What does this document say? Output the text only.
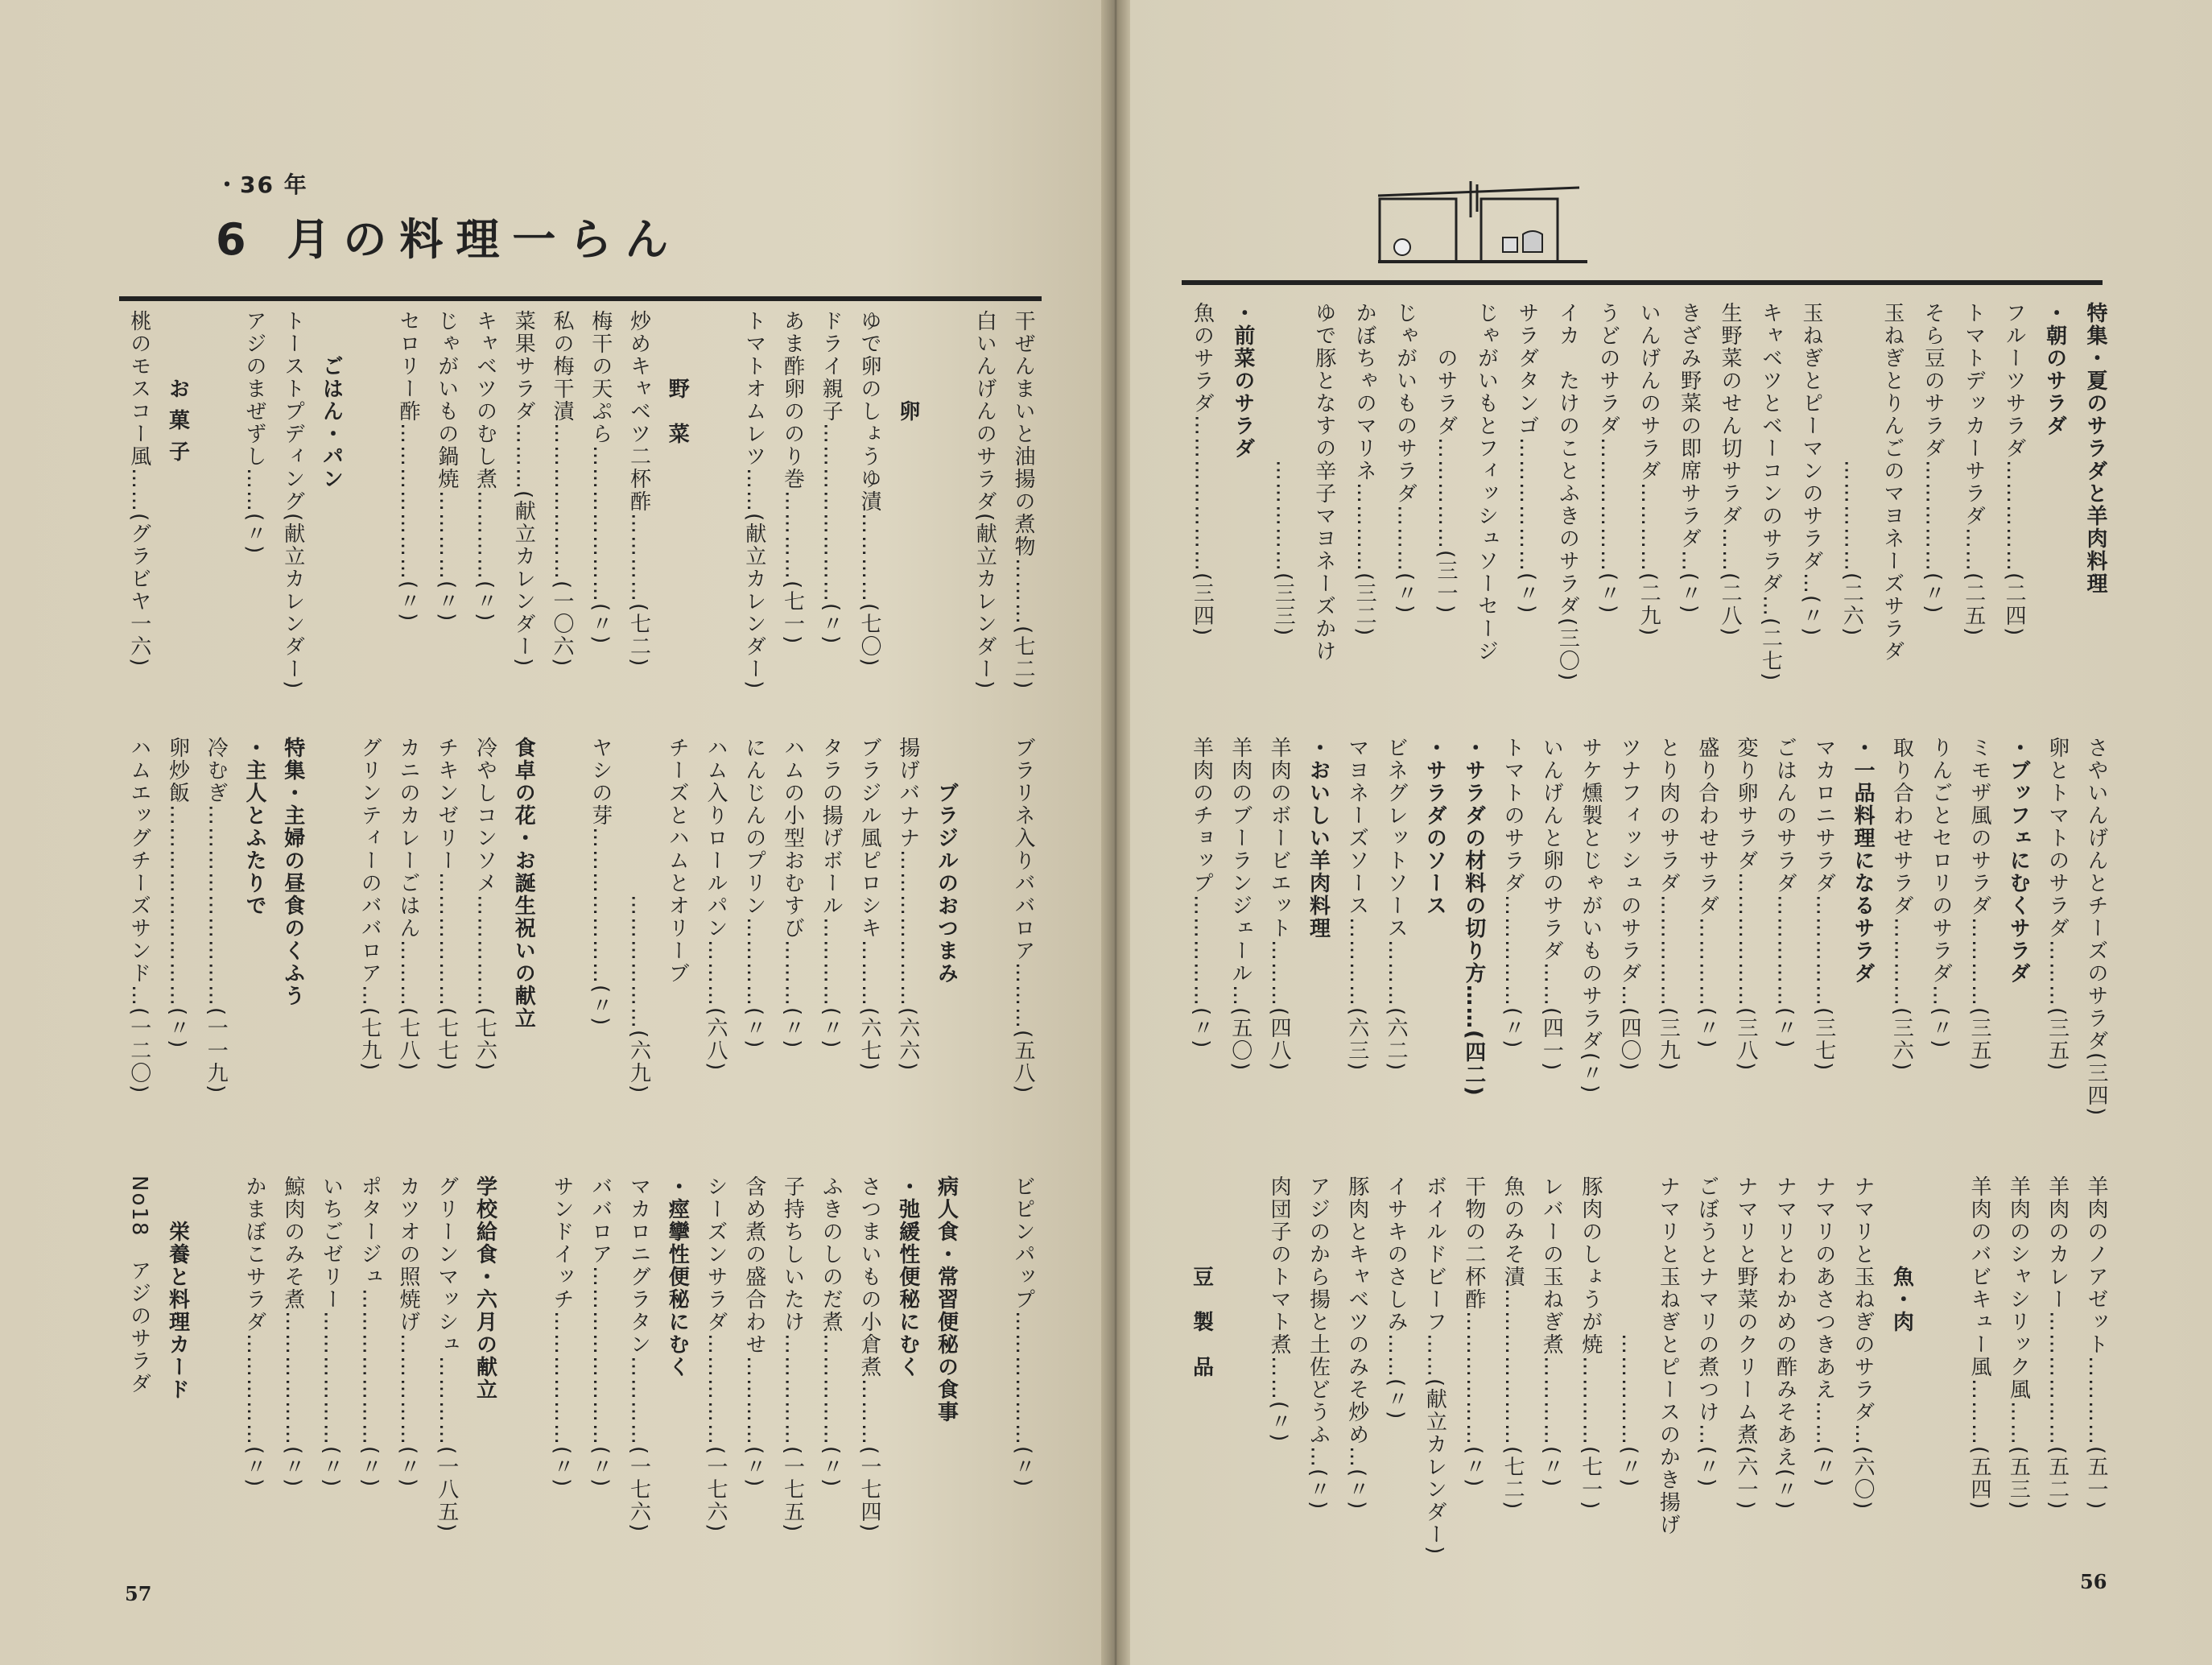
・36 年
6 月の料理一らん

干ぜんまいと油揚の煮物………(七二)

白いんげんのサラダ(献立カレンダー)

　　　　卵

ゆで卵のしょうゆ漬…………(七〇)

ドライ親子……………………(〃)

あま酢卵ののり巻…………(七一)

トマトオムレツ……(献立カレンダー)

　　　野　菜

炒めキャベツ二杯酢…………(七二)

梅干の天ぷら…………………(〃)

私の梅干漬…………………(一〇六)

菜果サラダ………(献立カレンダー)

キャベツのむし煮…………(〃)

じゃがいもの鍋焼…………(〃)

セロリー酢…………………(〃)

　　ごはん・パン

トーストプディング(献立カレンダー)

アジのまぜずし……(〃)

　　　お 菓 子

桃のモスコー風……(グラビヤ一六)

ブラリネ入りババロア………(五八)

　　ブラジルのおつまみ

揚げバナナ…………………(六六)

ブラジル風ピロシキ………(六七)

タラの揚げボール…………(〃)

ハムの小型おむすび………(〃)

にんじんのプリン…………(〃)

ハム入りロールパン………(六八)

チーズとハムとオリーブ

　　　　　　　………………(六九)

ヤシの芽…………………(〃)

食卓の花・お誕生祝いの献立

冷やしコンソメ……………(七六)

チキンゼリー………………(七七)

カニのカレーごはん………(七八)

グリンティーのババロア…(七九)

特集・主婦の昼食のくふう

・主人とふたりで

冷むぎ………………………(一一九)

卵炒飯………………………(〃)

ハムエッグチーズサンド…(一二〇)

ビピンパップ………………(〃)

病人食・常習便秘の食事

・弛緩性便秘にむく

さつまいもの小倉煮………(一七四)

ふきのしのだ煮……………(〃)

子持ちしいたけ……………(一七五)

含め煮の盛合わせ…………(〃)

シーズンサラダ……………(一七六)

・痙攣性便秘にむく

マカロニグラタン…………(一七六)

ババロア……………………(〃)

サンドイッチ………………(〃)

学校給食・六月の献立

グリーンマッシュ…………(一八五)

カツオの照焼げ……………(〃)

ポタージュ…………………(〃)

いちごゼリー………………(〃)

鯨肉のみそ煮………………(〃)

かまぼこサラダ……………(〃)

　　栄養と料理カード

No18　アジのサラダ

57

特集・夏のサラダと羊肉料理

・朝のサラダ

フルーツサラダ……………(二四)

トマトデッカーサラダ……(二五)

そら豆のサラダ……………(〃)

玉ねぎとりんごのマヨネーズサラダ

　　　　　　　……………(二六)

玉ねぎとピーマンのサラダ…(〃)

キャベツとベーコンのサラダ…(二七)

生野菜のせん切サラダ……(二八)

きざみ野菜の即席サラダ…(〃)

いんげんのサラダ…………(二九)

うどのサラダ………………(〃)

イカ　たけのことふきのサラダ(三〇)

サラダタンゴ………………(〃)

じゃがいもとフィッシュソーセージ

　　のサラダ……………(三一)

じゃがいものサラダ………(〃)

かぼちゃのマリネ…………(三二)

ゆで豚となすの辛子マヨネーズかけ

　　　　　　　……………(三三)

・前菜のサラダ

魚のサラダ…………………(三四)

さやいんげんとチーズのサラダ(三四)

卵とトマトのサラダ………(三五)

・ブッフェにむくサラダ

ミモザ風のサラダ…………(三五)

りんごとセロリのサラダ…(〃)

取り合わせサラダ…………(三六)

・一品料理になるサラダ

マカロニサラダ……………(三七)

ごはんのサラダ……………(〃)

変り卵サラダ………………(三八)

盛り合わせサラダ…………(〃)

とり肉のサラダ……………(三九)

ツナフィッシュのサラダ…(四〇)

サケ燻製とじゃがいものサラダ(〃)

いんげんと卵のサラダ……(四一)

トマトのサラダ……………(〃)

・サラダの材料の切り方……(四二)

・サラダのソース

ビネグレットソース………(六二)

マヨネーズソース…………(六三)

・おいしい羊肉料理

羊肉のボービエット………(四八)

羊肉のブーランジェール…(五〇)

羊肉のチョップ……………(〃)

羊肉のノアゼット…………(五一)

羊肉のカレー………………(五二)

羊肉のシャシリック風……(五三)

羊肉のバビキュー風………(五四)

　　　　魚・肉

ナマリと玉ねぎのサラダ…(六〇)

ナマリのあさつきあえ……(〃)

ナマリとわかめの酢みそあえ(〃)

ナマリと野菜のクリーム煮(六一)

ごぼうとナマリの煮つけ…(〃)

ナマリと玉ねぎとピースのかき揚げ

　　　　　　　……………(〃)

豚肉のしょうが焼…………(七一)

レバーの玉ねぎ煮…………(〃)

魚のみそ漬…………………(七二)

干物の二杯酢………………(〃)

ボイルドビーフ……(献立カレンダー)

イサキのさしみ……(〃)

豚肉とキャベツのみそ炒め…(〃)

アジのから揚と土佐どうふ…(〃)

肉団子のトマト煮……(〃)

　　　　豆　製　品

56
